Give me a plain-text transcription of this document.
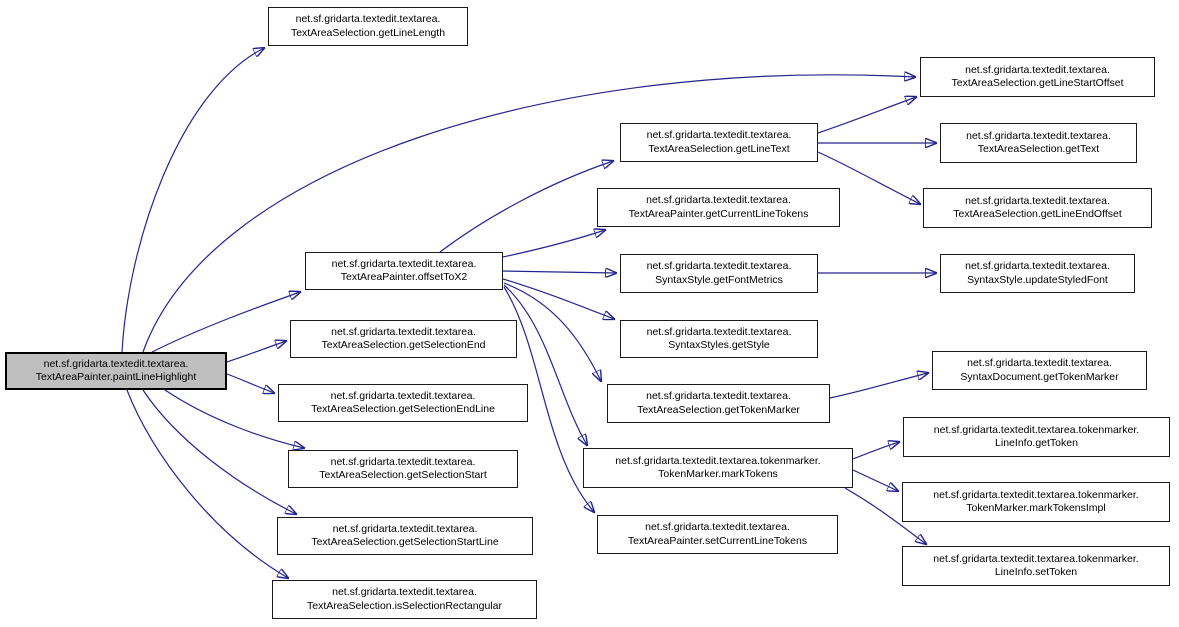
net.sf.gridarta.textedit.textarea.
TextAreaPainter.paintLineHighlight
net.sf.gridarta.textedit.textarea.
TextAreaSelection.getLineLength
net.sf.gridarta.textedit.textarea.
TextAreaPainter.offsetToX2
net.sf.gridarta.textedit.textarea.
TextAreaSelection.getSelectionEnd
net.sf.gridarta.textedit.textarea.
TextAreaSelection.getSelectionEndLine
net.sf.gridarta.textedit.textarea.
TextAreaSelection.getSelectionStart
net.sf.gridarta.textedit.textarea.
TextAreaSelection.getSelectionStartLine
net.sf.gridarta.textedit.textarea.
TextAreaSelection.isSelectionRectangular
net.sf.gridarta.textedit.textarea.
TextAreaSelection.getLineText
net.sf.gridarta.textedit.textarea.
TextAreaPainter.getCurrentLineTokens
net.sf.gridarta.textedit.textarea.
SyntaxStyle.getFontMetrics
net.sf.gridarta.textedit.textarea.
SyntaxStyles.getStyle
net.sf.gridarta.textedit.textarea.
TextAreaSelection.getTokenMarker
net.sf.gridarta.textedit.textarea.tokenmarker.
TokenMarker.markTokens
net.sf.gridarta.textedit.textarea.
TextAreaPainter.setCurrentLineTokens
net.sf.gridarta.textedit.textarea.
TextAreaSelection.getLineStartOffset
net.sf.gridarta.textedit.textarea.
TextAreaSelection.getText
net.sf.gridarta.textedit.textarea.
TextAreaSelection.getLineEndOffset
net.sf.gridarta.textedit.textarea.
SyntaxStyle.updateStyledFont
net.sf.gridarta.textedit.textarea.
SyntaxDocument.getTokenMarker
net.sf.gridarta.textedit.textarea.tokenmarker.
LineInfo.getToken
net.sf.gridarta.textedit.textarea.tokenmarker.
TokenMarker.markTokensImpl
net.sf.gridarta.textedit.textarea.tokenmarker.
LineInfo.setToken
